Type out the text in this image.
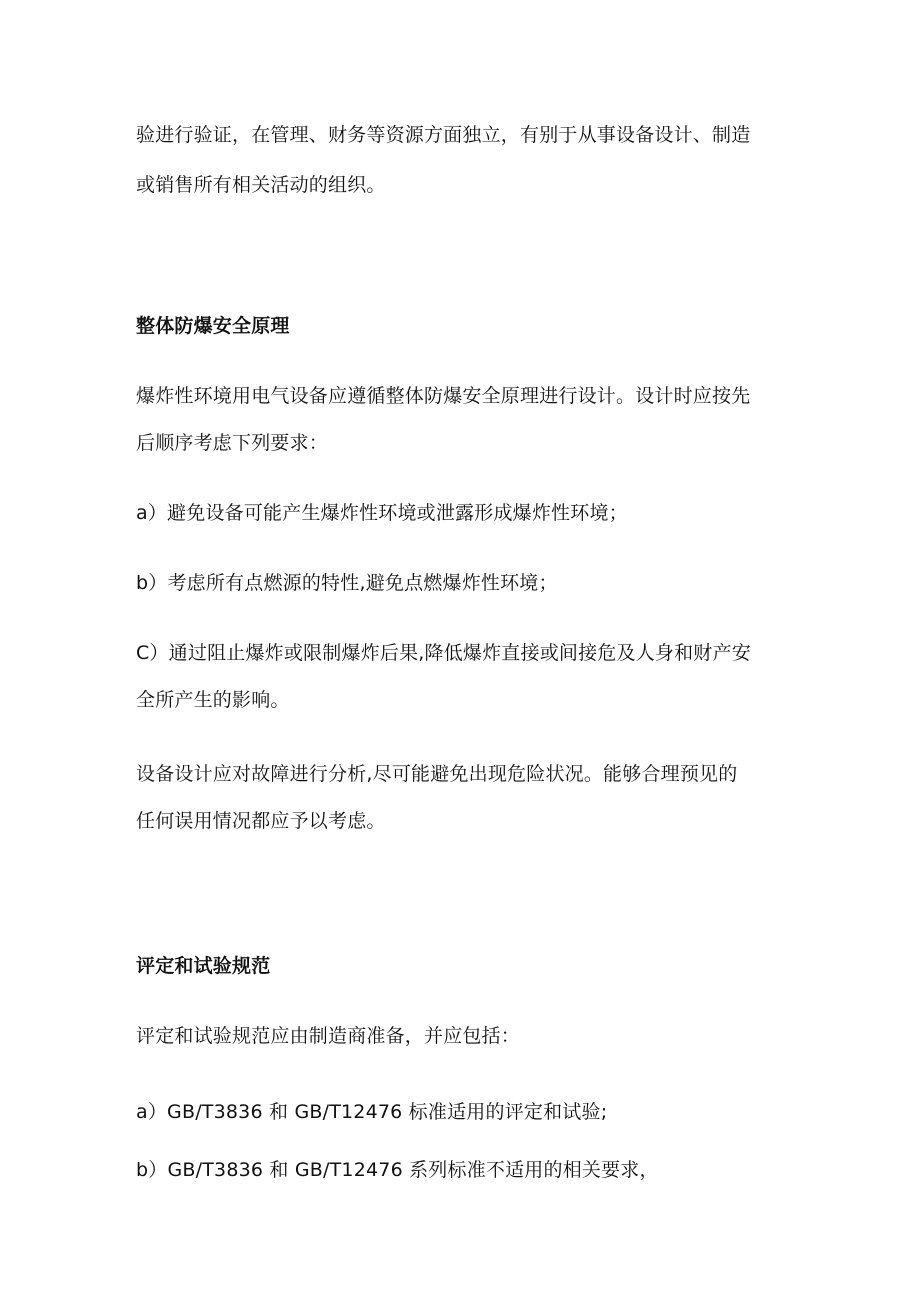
验进行验证，在管理、财务等资源方面独立，有别于从事设备设计、制造

或销售所有相关活动的组织。

整体防爆安全原理

爆炸性环境用电气设备应遵循整体防爆安全原理进行设计。设计时应按先

后顺序考虑下列要求：

a）避免设备可能产生爆炸性环境或泄露形成爆炸性环境；

b）考虑所有点燃源的特性,避免点燃爆炸性环境；

C）通过阻止爆炸或限制爆炸后果,降低爆炸直接或间接危及人身和财产安

全所产生的影响。

设备设计应对故障进行分析,尽可能避免出现危险状况。能够合理预见的

任何误用情况都应予以考虑。

评定和试验规范

评定和试验规范应由制造商准备，并应包括：

a）GB/T3836 和 GB/T12476 标准适用的评定和试验;

b）GB/T3836 和 GB/T12476 系列标准不适用的相关要求，
